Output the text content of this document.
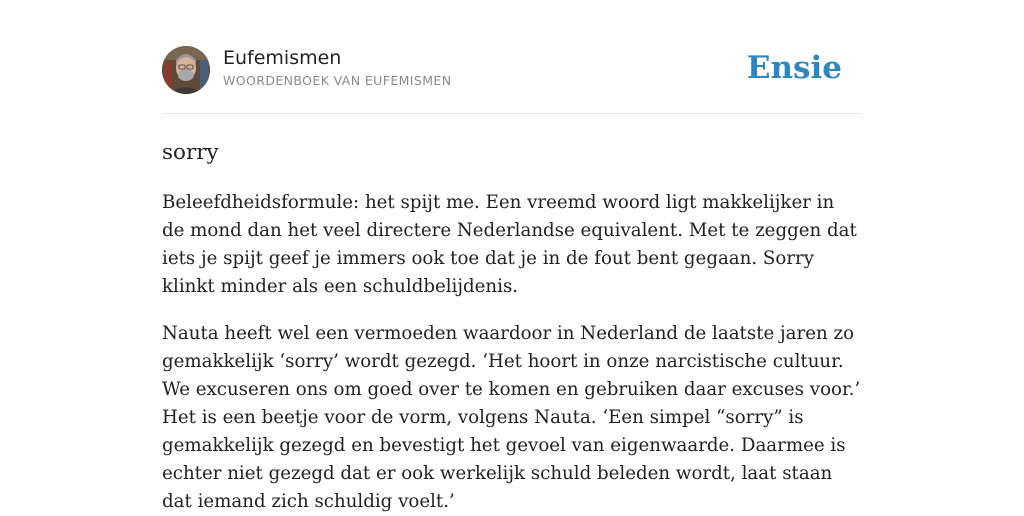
Eufemismen
WOORDENBOEK VAN EUFEMISMEN	Ensie
sorry

Beleefdheidsformule: het spijt me. Een vreemd woord ligt makkelijker in de mond dan het veel directere Nederlandse equivalent. Met te zeggen dat iets je spijt geef je immers ook toe dat je in de fout bent gegaan. Sorry klinkt minder als een schuldbelijdenis.

Nauta heeft wel een vermoeden waardoor in Nederland de laatste jaren zo gemakkelijk ‘sorry’ wordt gezegd. ‘Het hoort in onze narcistische cultuur. We excuseren ons om goed over te komen en gebruiken daar excuses voor.’ Het is een beetje voor de vorm, volgens Nauta. ‘Een simpel “sorry” is gemakkelijk gezegd en bevestigt het gevoel van eigenwaarde. Daarmee is echter niet gezegd dat er ook werkelijk schuld beleden wordt, laat staan dat iemand zich schuldig voelt.’
